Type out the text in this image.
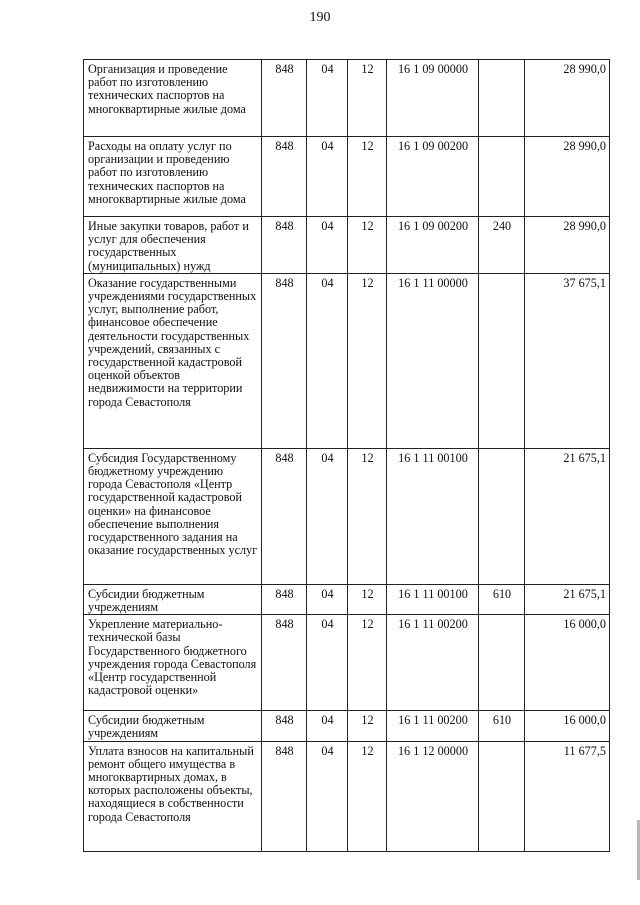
190
Организация и проведение работ по изготовлению технических паспортов на многоквартирные жилые дома	848	04	12	16 1 09 00000		28 990,0
Расходы на оплату услуг по организации и проведению работ по изготовлению технических паспортов на многоквартирные жилые дома	848	04	12	16 1 09 00200		28 990,0
Иные закупки товаров, работ и услуг для обеспечения государственных (муниципальных) нужд	848	04	12	16 1 09 00200	240	28 990,0
Оказание государственными учреждениями государственных услуг, выполнение работ, финансовое обеспечение деятельности государственных учреждений, связанных с государственной кадастровой оценкой объектов недвижимости на территории города Севастополя	848	04	12	16 1 11 00000		37 675,1
Субсидия Государственному бюджетному учреждению города Севастополя «Центр государственной кадастровой оценки» на финансовое обеспечение выполнения государственного задания на оказание государственных услуг	848	04	12	16 1 11 00100		21 675,1
Субсидии бюджетным учреждениям	848	04	12	16 1 11 00100	610	21 675,1
Укрепление материально-технической базы Государственного бюджетного учреждения города Севастополя «Центр государственной кадастровой оценки»	848	04	12	16 1 11 00200		16 000,0
Субсидии бюджетным учреждениям	848	04	12	16 1 11 00200	610	16 000,0
Уплата взносов на капитальный ремонт общего имущества в многоквартирных домах, в которых расположены объекты, находящиеся в собственности города Севастополя	848	04	12	16 1 12 00000		11 677,5
